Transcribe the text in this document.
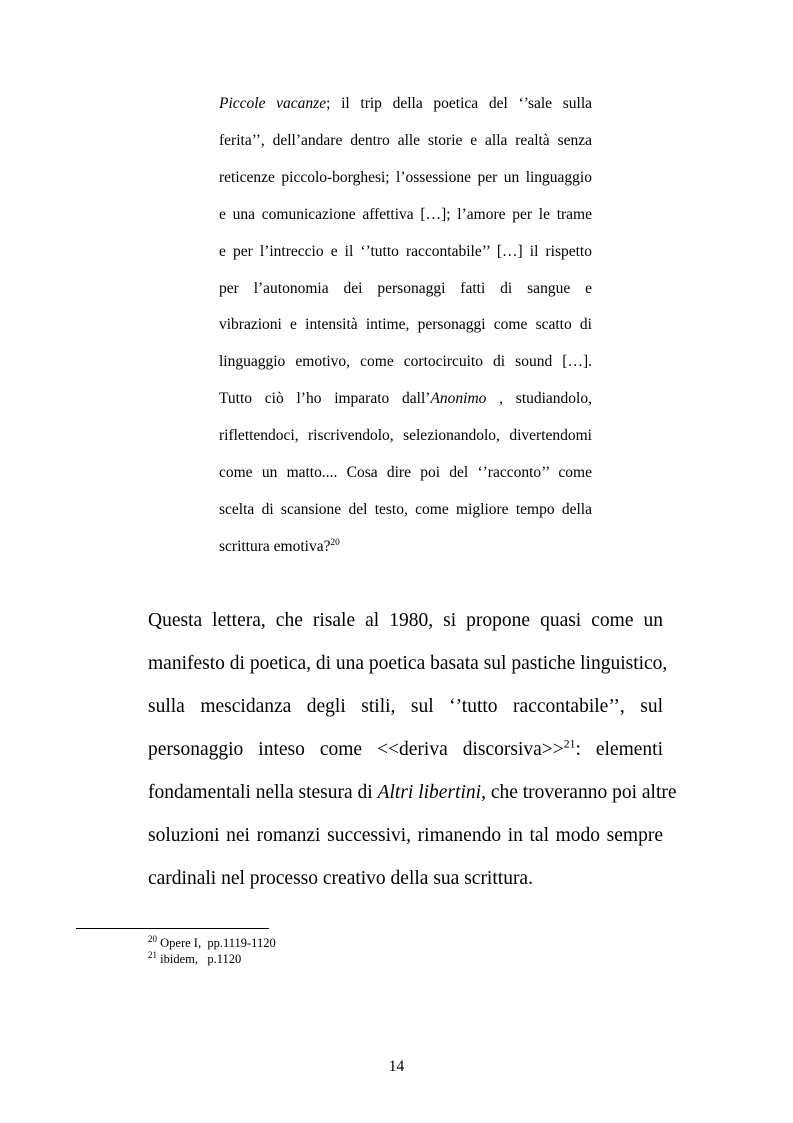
Piccole vacanze; il trip della poetica del ‘’sale sulla
ferita’’, dell’andare dentro alle storie e alla realtà senza
reticenze piccolo-borghesi; l’ossessione per un linguaggio
e una comunicazione affettiva […]; l’amore per le trame
e per l’intreccio e il ‘’tutto raccontabile’’ […] il rispetto
per l’autonomia dei personaggi fatti di sangue e
vibrazioni e intensità intime, personaggi come scatto di
linguaggio emotivo, come cortocircuito di sound […].
Tutto ciò l’ho imparato dall’Anonimo , studiandolo,
riflettendoci, riscrivendolo, selezionandolo, divertendomi
come un matto.... Cosa dire poi del ‘’racconto’’ come
scelta di scansione del testo, come migliore tempo della
scrittura emotiva?$^{20}$
Questa lettera, che risale al 1980, si propone quasi come un
manifesto di poetica, di una poetica basata sul pastiche linguistico,
sulla mescidanza degli stili, sul ‘’tutto raccontabile’’, sul
personaggio inteso come <<deriva discorsiva>>$^{21}$: elementi
fondamentali nella stesura di Altri libertini, che troveranno poi altre
soluzioni nei romanzi successivi, rimanendo in tal modo sempre
cardinali nel processo creativo della sua scrittura.
$^{20}$ Opere I,  pp.1119-1120
$^{21}$ ibidem,   p.1120
14
